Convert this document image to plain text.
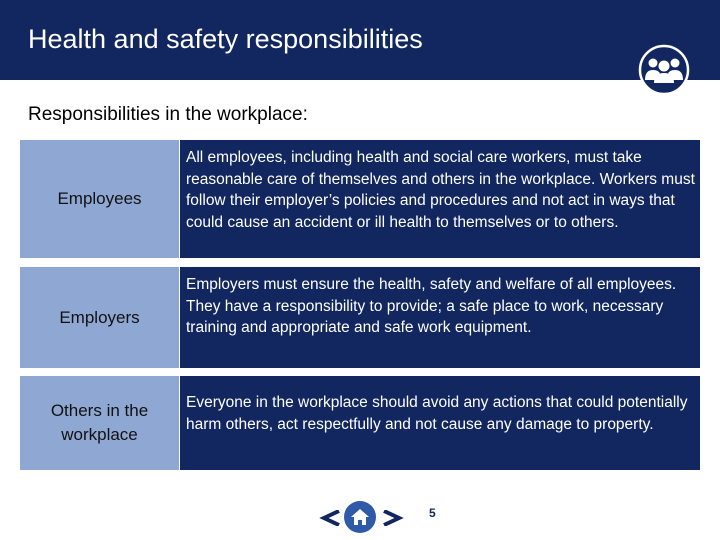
Health and safety responsibilities
Responsibilities in the workplace:
Employees
All employees, including health and social care workers, must take reasonable care of themselves and others in the workplace. Workers must follow their employer’s policies and procedures and not act in ways that could cause an accident or ill health to themselves or to others.
Employers
Employers must ensure the health, safety and welfare of all employees. They have a responsibility to provide; a safe place to work, necessary training and appropriate and safe work equipment.
Others in the workplace
Everyone in the workplace should avoid any actions that could potentially harm others, act respectfully and not cause any damage to property.
5
